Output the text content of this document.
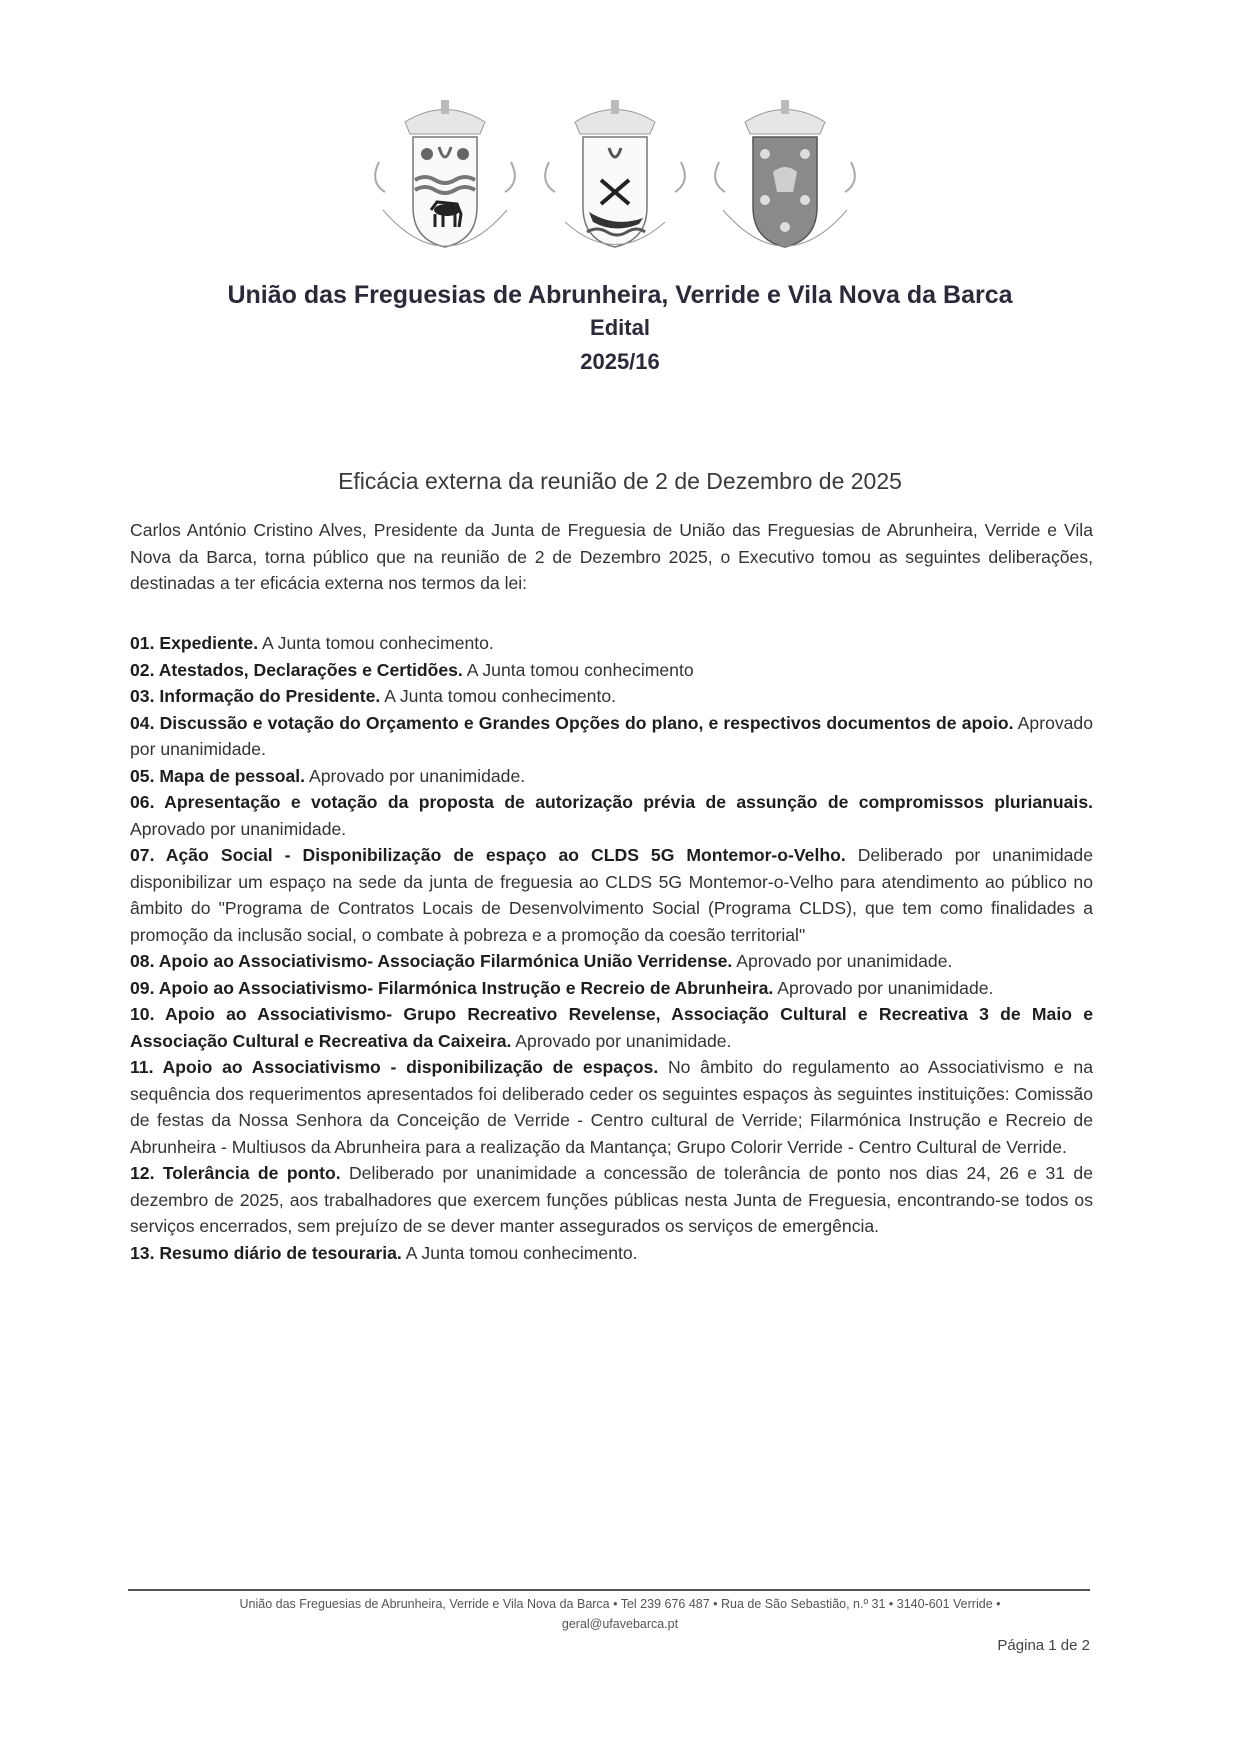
União das Freguesias de Abrunheira, Verride e Vila Nova da Barca
Edital
2025/16
Eficácia externa da reunião de 2 de Dezembro de 2025

Carlos António Cristino Alves, Presidente da Junta de Freguesia de União das Freguesias de Abrunheira, Verride e Vila Nova da Barca, torna público que na reunião de 2 de Dezembro 2025, o Executivo tomou as seguintes deliberações, destinadas a ter eficácia externa nos termos da lei:

01. Expediente. A Junta tomou conhecimento.

02. Atestados, Declarações e Certidões. A Junta tomou conhecimento

03. Informação do Presidente. A Junta tomou conhecimento.

04. Discussão e votação do Orçamento e Grandes Opções do plano, e respectivos documentos de apoio. Aprovado por unanimidade.

05. Mapa de pessoal. Aprovado por unanimidade.

06. Apresentação e votação da proposta de autorização prévia de assunção de compromissos plurianuais. Aprovado por unanimidade.

07. Ação Social - Disponibilização de espaço ao CLDS 5G Montemor-o-Velho. Deliberado por unanimidade disponibilizar um espaço na sede da junta de freguesia ao CLDS 5G Montemor-o-Velho para atendimento ao público no âmbito do "Programa de Contratos Locais de Desenvolvimento Social (Programa CLDS), que tem como finalidades a promoção da inclusão social, o combate à pobreza e a promoção da coesão territorial"

08. Apoio ao Associativismo- Associação Filarmónica União Verridense. Aprovado por unanimidade.

09. Apoio ao Associativismo- Filarmónica Instrução e Recreio de Abrunheira. Aprovado por unanimidade.

10. Apoio ao Associativismo- Grupo Recreativo Revelense, Associação Cultural e Recreativa 3 de Maio e Associação Cultural e Recreativa da Caixeira. Aprovado por unanimidade.

11. Apoio ao Associativismo - disponibilização de espaços. No âmbito do regulamento ao Associativismo e na sequência dos requerimentos apresentados foi deliberado ceder os seguintes espaços às seguintes instituições: Comissão de festas da Nossa Senhora da Conceição de Verride - Centro cultural de Verride; Filarmónica Instrução e Recreio de Abrunheira - Multiusos da Abrunheira para a realização da Mantança; Grupo Colorir Verride - Centro Cultural de Verride.

12. Tolerância de ponto. Deliberado por unanimidade a concessão de tolerância de ponto nos dias 24, 26 e 31 de dezembro de 2025, aos trabalhadores que exercem funções públicas nesta Junta de Freguesia, encontrando-se todos os serviços encerrados, sem prejuízo de se dever manter assegurados os serviços de emergência.

13. Resumo diário de tesouraria. A Junta tomou conhecimento.

União das Freguesias de Abrunheira, Verride e Vila Nova da Barca • Tel 239 676 487 • Rua de São Sebastião, n.º 31 • 3140-601 Verride •
geral@ufavebarca.pt
Página 1 de 2
